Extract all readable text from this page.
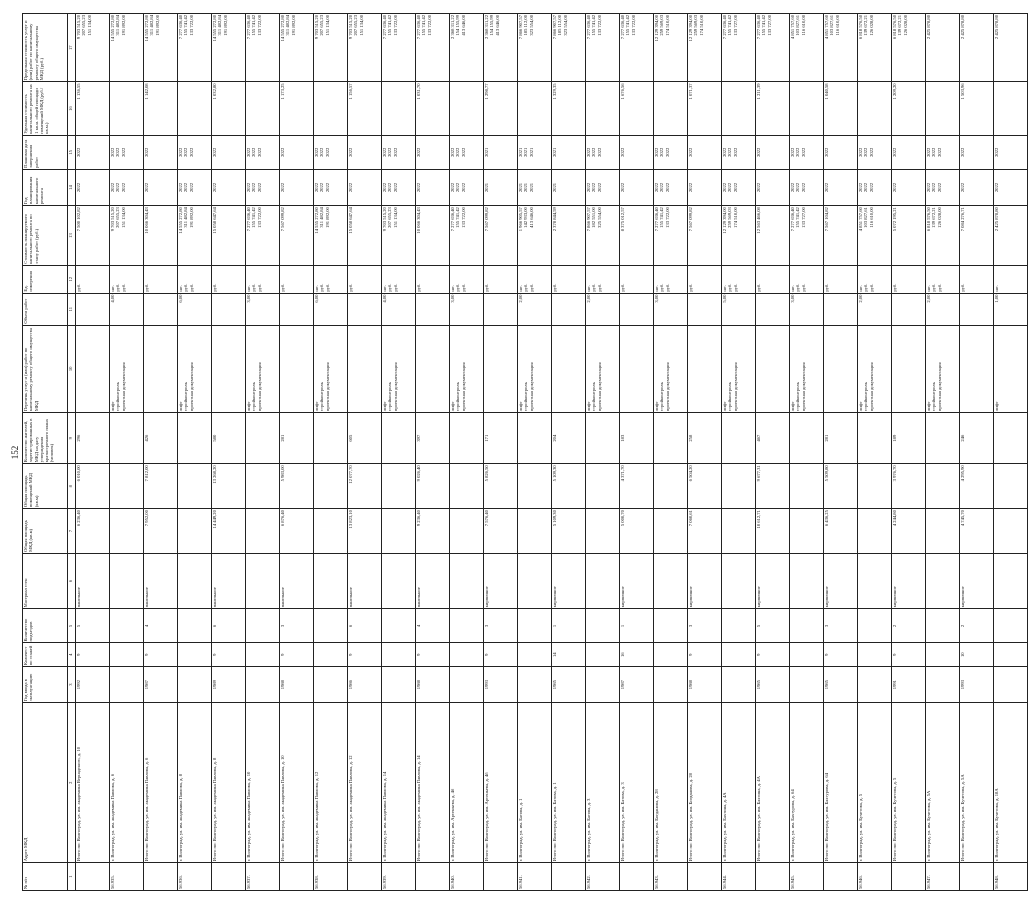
152
№ п/п	Адрес МКД	Год ввода в эксплуатацию	Количество этажей	Количество подъездов	Материал стен	Общая площадь МКД (кв.м)	Общая площадь помещений МКД (кв.м)	Количество жителей, зарегистрированных в МКД на дату утверждения краткосрочного плана (человек)	Перечень услуг и (или) работ по капитальному ремонту общего имущества МКД	Объем работ	Ед. измерения	Стоимость планируемого капитального ремонта по этапу работ (руб.)	Год планирования капитального ремонта	Плановая дата завершения работ	Удельная стоимость капитального ремонта на 1 кв.м. общей площади помещений МКД (руб./кв.м.)	Предельная стоимость услуг и (или) работ по капитальному ремонту общего имущества МКД (руб.)
1	2	3	4	5	6	7	8	9	10	11	12	13	14	15	16	17
	Итого по: Волгоград, ул. им. академика Вернадского, д. 10	1992	9	5	панельное	6 236,40	6 010,00	296			руб.	7 500 102,82	2022	2022	1 136,55	9 703 515,20 207 655,23 151 134,00

56.935.	г. Волгоград, ул. им. академика Павлова, д. 6								лифт стройконтроль проектная документация	4,00	шт. руб. руб.	9 703 515,20 207 655,23 151 134,00	2022 2022 2022	2022 2022 2022		14 555 272,80 311 482,84 191 892,00

	Итого по: Волгоград, ул. им. академика Павлова, д. 6	1987	9	4	панельное	7 952,00	7 812,00	426			руб.	10 066 304,43	2022	2022	1 142,08	14 555 272,80 311 482,84 191 892,00

56.936.	г. Волгоград, ул. им. академика Павлова, д. 8								лифт стройконтроль проектная документация	6,00	шт. руб. руб.	14 555 272,80 311 482,84 191 892,00	2022 2022 2022	2022 2022 2022		7 277 636,40 155 741,42 133 722,00

	Итого по: Волгоград, ул. им. академика Павлова, д. 8	1989	9	6	панельное	14 449,20	13 268,20	580			руб.	15 058 647,64	2022	2022	1 032,80	14 555 272,80 311 482,84 191 892,00

56.937.	г. Волгоград, ул. им. академика Павлова, д. 10								лифт стройконтроль проектная документация	3,00	шт. руб. руб.	7 277 636,40 155 741,42 133 722,00	2022 2022 2022	2022 2022 2022		7 277 636,40 155 741,42 133 722,00

	Итого по: Волгоград, ул. им. академика Павлова, д. 10	1988	9	3	панельное	6 876,40	5 983,00	281			руб.	7 567 099,82	2022	2022	1 173,25	14 555 272,80 311 482,84 191 892,00

56.938.	г. Волгоград, ул. им. академика Павлова, д. 12								лифт стройконтроль проектная документация	6,00	шт. руб. руб.	14 555 272,80 311 482,84 191 892,00	2022 2022 2022	2022 2022 2022		9 703 515,20 207 655,23 151 134,00

	Итого по: Волгоград, ул. им. академика Павлова, д. 12	1986	9	6	панельное	13 823,10	12 077,70	605			руб.	15 058 647,64	2022	2022	1 156,57	9 703 515,20 207 655,23 151 134,00

56.939.	г. Волгоград, ул. им. академика Павлова, д. 14								лифт стройконтроль проектная документация	4,00	шт. руб. руб.	9 703 515,20 207 655,23 151 134,00	2022 2022 2022	2022 2022 2022		7 277 636,40 155 741,42 133 722,00

	Итого по: Волгоград, ул. им. академика Павлова, д. 14	1988	9	4	панельное	9 236,40	9 026,40	397			руб.	10 066 304,43	2022	2022	1 031,70	7 277 636,40 155 741,42 133 722,00

56.940.	г. Волгоград, ул. им. Арсеньева, д. 4б								лифт стройконтроль проектная документация	3,00	шт. руб. руб.	7 277 636,40 155 741,42 133 722,00	2022 2022 2022	2022 2022 2022		2 368 311,22 154 155,99 413 646,00

	Итого по: Волгоград, ул. им. Арсеньева, д. 4б	1993	9	3	кирпичное	7 576,40	5 826,50	171			руб.	7 567 099,82	2021	2021	1 298,77	2 368 311,22 154 155,99 413 646,00

56.941.	г. Волгоград, ул. им. Батова, д. 1								лифт стройконтроль проектная документация	2,00	шт. руб. руб.	1 966 905,57 142 933,00 413 646,00	2021 2021 2021	2021 2021 2021		7 866 907,57 185 112,00 323 554,00

	Итого по: Волгоград, ул. им. Батова, д. 1	1985	14	1	кирпичное	5 109,30	5 109,30	204			руб.	2 378 844,59	2021	2021	1 329,35	7 866 907,57 185 112,00 323 554,00

56.942.	г. Волгоград, ул. им. Батова, д. 3								лифт стройконтроль проектная документация	2,00	шт. руб. руб.	7 866 907,57 182 551,00 325 554,00	2022 2022 2022	2022 2022 2022		7 277 636,40 155 741,42 133 722,00

	Итого по: Волгоград, ул. им. Батова, д. 3	1987	16	1	кирпичное	5 000,70	4 371,70	183			руб.	8 375 012,57	2022	2022	1 676,56	7 277 636,40 155 741,42 133 722,00

56.943.	г. Волгоград, ул. им. Богданова, д. 28								лифт стройконтроль проектная документация	3,00	шт. руб. руб.	7 277 636,40 155 741,42 133 722,00	2022 2022 2022	2022 2022 2022		12 129 394,00 259 569,03 174 510,00

	Итого по: Волгоград, ул. им. Богданова, д. 28	1988	9	3	кирпичное	7 060,61	6 504,20	258			руб.	7 567 099,82	2022	2022	1 071,37	12 129 394,00 259 569,03 174 510,00

56.944.	г. Волгоград, ул. им. Бахтина, д. 4А								лифт стройконтроль проектная документация	5,00	шт. руб. руб.	12 129 394,00 259 569,03 174 510,00	2022 2022 2022	2022 2022 2022		7 277 636,40 155 741,42 133 727,00

	Итого по: Волгоград, ул. им. Бахтина, д. 4А	1985	9	5	кирпичное	10 612,71	9 677,31	467			руб.	12 563 466,08	2022	2022	1 211,39	7 277 636,40 155 741,42 133 727,00

56.945.	г. Волгоград, ул. им. Бахтурова, д. 64								лифт стройконтроль проектная документация	3,00	шт. руб. руб.	7 277 636,40 155 741,42 133 727,00	2022 2022 2022	2022 2022 2022		4 851 757,60 103 827,61 116 610,00

	Итого по: Волгоград, ул. им. Бахтурова, д. 64	1985	9	3	кирпичное	6 436,25	5 509,80	281			руб.	7 567 104,82	2022	2022	1 040,58	4 851 757,60 103 827,61 116 610,00

56.946.	г. Волгоград, ул. им. Бучетова, д. 5								лифт стройконтроль проектная документация	2,00	шт. руб. руб.	4 851 757,60 103 827,61 116 610,00	2022 2022 2022	2022 2022 2022		6 818 576,50 139 672,21 126 028,00

	Итого по: Волгоград, ул. им. Бучетова, д. 5	1991	9	2	кирпичное	4 244,80	3 976,70	189			руб.	5 072 195,21	2022	2022	1 209,20	6 818 576,50 139 672,21 126 028,00

56.947.	г. Волгоград, ул. им. Бучетова, д. 5А								лифт стройконтроль проектная документация	2,00	шт. руб. руб.	6 818 576,50 139 672,21 126 028,00	2022 2022 2022	2022 2022 2022		2 425 878,80

	Итого по: Волгоград, ул. им. Бучетова, д. 5А	1993	10	2	кирпичное	4 745,70	4 295,90	246			руб.	7 084 276,71	2022	2022	1 503,96	2 425 878,80

56.948.	г. Волгоград, ул. им. Бучетова, д. 18А								лифт	1,00	шт.	2 425 878,80	2022	2022		2 425 878,80
